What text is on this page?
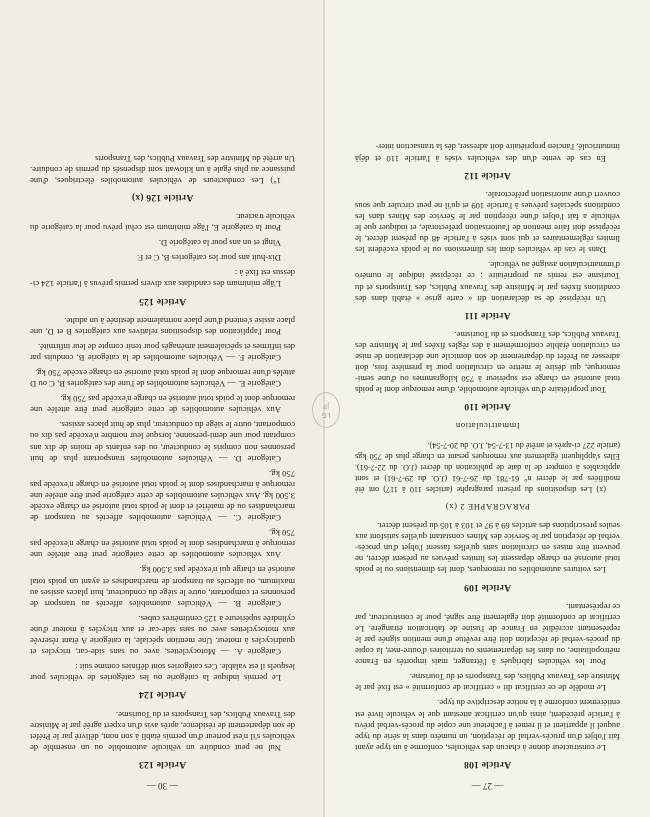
— 30 —
Article 123

Nul ne peut conduire un véhicule automobile ou un ensemble de véhicules s'il n'est porteur d'un permis établi à son nom, délivré par le Préfet de son département de résidence, après avis d'un expert agréé par le Ministre des Travaux Publics, des Transports et du Tourisme.

Article 124

Le permis indique la catégorie ou les catégories de véhicules pour lesquels il est valable. Ces catégories sont définies comme suit :

Catégorie A. — Motocyclettes, avec ou sans side-car, tricycles et quadricycles à moteur. Une mention spéciale, la catégorie A étant réservée aux motocyclettes avec ou sans side-car et aux tricycles à moteur d'une cylindrée supérieure à 125 centimètres cubes.

Catégorie B. — Véhicules automobiles affectés au transport de personnes et comportant, outre le siège du conducteur, huit places assises au maximum, ou affectés au transport de marchandises et ayant un poids total autorisé en charge qui n'excède pas 3.500 kg.

Aux véhicules automobiles de cette catégorie peut être attelée une remorque à marchandises dont le poids total autorisé en charge n'excède pas 750 kg.

Catégorie C. — Véhicules automobiles affectés au transport de marchandises ou de matériel et dont le poids total autorisé en charge excède 3.500 kg. Aux véhicules automobiles de cette catégorie peut être attelée une remorque à marchandises dont le poids total autorisé en charge n'excède pas 750 kg.

Catégorie D. — Véhicules automobiles transportant plus de huit personnes non compris le conducteur, ou des enfants de moins de dix ans comptant pour une demi-personne, lorsque leur nombre n'excède pas dix ou comportant, outre le siège du conducteur, plus de huit places assises.

Aux véhicules automobiles de cette catégorie peut être attelée une remorque dont le poids total autorisé en charge n'excède pas 750 kg.

Catégorie E. — Véhicules automobiles de l'une des catégories B, C ou D attelés d'une remorque dont le poids total autorisé en charge excède 750 kg.

Catégorie F. — Véhicules automobiles de la catégorie B, conduits par des infirmes et spécialement aménagés pour tenir compte de leur infirmité.

Pour l'application des dispositions relatives aux catégories B et D, une place assise s'entend d'une place normalement destinée à un adulte.

Article 125

L'âge minimum des candidats aux divers permis prévus à l'article 124 ci-dessus est fixé à :

Dix-huit ans pour les catégories B, C et F.

Vingt et un ans pour la catégorie D.

Pour la catégorie E, l'âge minimum est celui prévu pour la catégorie du véhicule tracteur.

Article 126 (x)

1°) Les conducteurs de véhicules automobiles électriques, d'une puissance au plus égale à un kilowatt sont dispensés du permis de conduire. Un arrêté du Ministre des Travaux Publics, des Transports

— 27 —
Article 108

Le constructeur donne à chacun des véhicules, conforme à un type ayant fait l'objet d'un procès-verbal de réception, un numéro dans la série du type auquel il appartient et il remet à l'acheteur une copie du procès-verbal prévu à l'article précédent, ainsi qu'un certificat attestant que le véhicule livré est entièrement conforme à la notice descriptive du type.

Le modèle de ce certificat dit « certificat de conformité » est fixé par le Ministre des Travaux Publics, des Transports et du Tourisme.

Pour les véhicules fabriqués à l'étranger, mais importés en France métropolitaine, ou dans les départements ou territoires d'outre-mer, la copie du procès-verbal de réception doit être revêtue d'une mention signée par le représentant accrédité en France de l'usine de fabrication étrangère. Le certificat de conformité doit également être signé, pour le constructeur, par ce représentant.

Article 109

Les voitures automobiles ou remorques, dont les dimensions ou le poids total autorisé en charge dépassent les limites prévues au présent décret, ne peuvent être mises en circulation sans qu'elles fassent l'objet d'un procès-verbal de réception par le Service des Mines constatant qu'elles satisfont aux seules prescriptions des articles 69 à 97 et 103 à 105 du présent décret.

PARAGRAPHE 2 (x)

(x) Les dispositions du présent paragraphe (articles 110 à 117) ont été modifiées par le décret n° 61-781 du 26-7-61 (J.O. du 29-7-61) et sont applicables à compter de la date de publication du décret (J.O. du 22-7-61). Elles s'appliquent également aux remorques pesant en charge plus de 750 kgs (article 227 ci-après et arrêté du 13-7-54, J.O. du 20-7-54).

Immatriculation
Article 110

Tout propriétaire d'un véhicule automobile, d'une remorque dont le poids total autorisé en charge est supérieur à 750 kilogrammes ou d'une semi-remorque, qui désire le mettre en circulation pour la première fois, doit adresser au Préfet du département de son domicile une déclaration de mise en circulation établie conformément à des règles fixées par le Ministre des Travaux Publics, des Transports et du Tourisme.

Article 111

Un récépissé de sa déclaration dit « carte grise » établi dans des conditions fixées par le Ministre des Travaux Publics, des Transports et du Tourisme est remis au propriétaire ; ce récépissé indique le numéro d'immatriculation assigné au véhicule.

Dans le cas de véhicules dont les dimensions ou le poids excèdent les limites réglementaires et qui sont visés à l'article 48 du présent décret, le récépissé doit faire mention de l'autorisation préfectorale, et indiquer que le véhicule a fait l'objet d'une réception par le Service des Mines dans les conditions spéciales prévues à l'article 109 et qu'il ne peut circuler que sous couvert d'une autorisation préfectorale.

Article 112

En cas de vente d'un des véhicules visés à l'article 110 et déjà immatriculé, l'ancien propriétaire doit adresser, dès la transaction inter-

LG
JP
